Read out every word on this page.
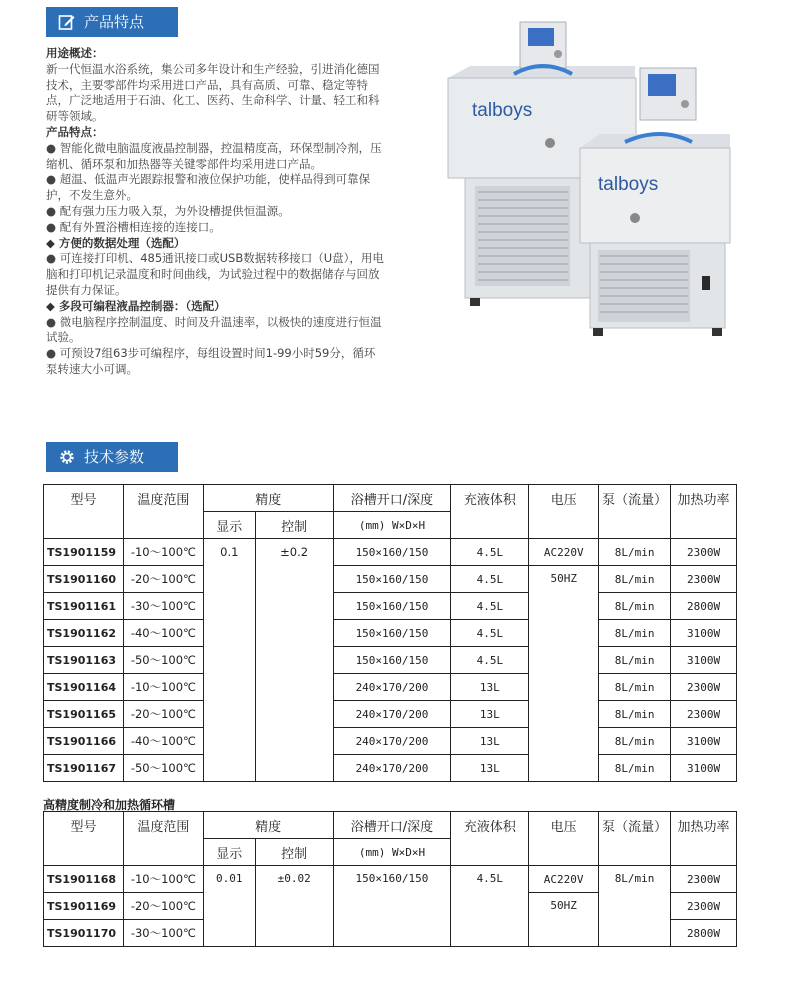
产品特点

用途概述：

新一代恒温水浴系统，集公司多年设计和生产经验，引进消化德国技术，主要零部件均采用进口产品，具有高质、可靠、稳定等特点，广泛地适用于石油、化工、医药、生命科学、计量、轻工和科研等领域。

产品特点：

● 智能化微电脑温度液晶控制器，控温精度高，环保型制冷剂，压缩机、循环泵和加热器等关键零部件均采用进口产品。

● 超温、低温声光跟踪报警和液位保护功能，使样品得到可靠保护，不发生意外。

● 配有强力压力吸入泵，为外设槽提供恒温源。

● 配有外置浴槽相连接的连接口。

◆ 方便的数据处理（选配）

● 可连接打印机、485通讯接口或USB数据转移接口（U盘），用电脑和打印机记录温度和时间曲线，为试验过程中的数据储存与回放提供有力保证。

◆ 多段可编程液晶控制器：（选配）

● 微电脑程序控制温度、时间及升温速率，以极快的速度进行恒温试验。

● 可预设7组63步可编程序，每组设置时间1-99小时59分，循环泵转速大小可调。

talboys
talboys
技术参数
型号	温度范围	精度		浴槽开口/深度	充液体积	电压	泵（流量）	加热功率
		显示	控制	(mm) W×D×H				
TS1901159	-10～100℃	0.1	±0.2	150×160/150	4.5L	AC220V	8L/min	2300W
TS1901160	-20～100℃			150×160/150	4.5L	50HZ	8L/min	2300W
TS1901161	-30～100℃			150×160/150	4.5L		8L/min	2800W
TS1901162	-40～100℃			150×160/150	4.5L		8L/min	3100W
TS1901163	-50～100℃			150×160/150	4.5L		8L/min	3100W
TS1901164	-10～100℃			240×170/200	13L		8L/min	2300W
TS1901165	-20～100℃			240×170/200	13L		8L/min	2300W
TS1901166	-40～100℃			240×170/200	13L		8L/min	3100W
TS1901167	-50～100℃			240×170/200	13L		8L/min	3100W
高精度制冷和加热循环槽
型号	温度范围	精度		浴槽开口/深度	充液体积	电压	泵（流量）	加热功率
		显示	控制	(mm) W×D×H				
TS1901168	-10～100℃	0.01	±0.02	150×160/150	4.5L	AC220V	8L/min	2300W
TS1901169	-20～100℃					50HZ		2300W
TS1901170	-30～100℃							2800W
